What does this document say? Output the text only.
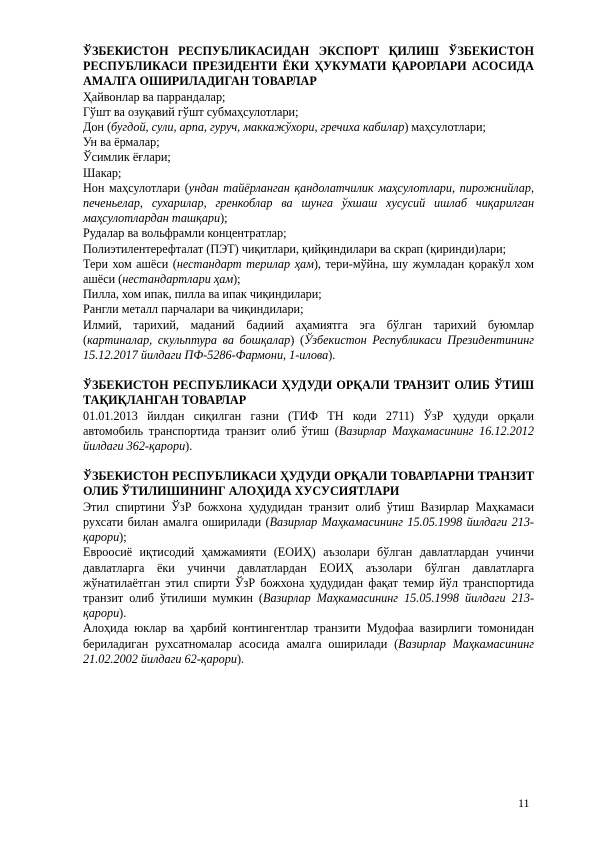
ЎЗБЕКИСТОН РЕСПУБЛИКАСИДАН ЭКСПОРТ ҚИЛИШ ЎЗБЕКИСТОН РЕСПУБЛИКАСИ ПРЕЗИДЕНТИ ЁКИ ҲУКУМАТИ ҚАРОРЛАРИ АСОСИДА АМАЛГА ОШИРИЛАДИГАН ТОВАРЛАР

Ҳайвонлар ва паррандалар;

Гўшт ва озуқавий гўшт субмаҳсулотлари;

Дон (бугдой, сули, арпа, гуруч, маккажўхори, гречиха кабилар) маҳсулотлари;

Ун ва ёрмалар;

Ўсимлик ёғлари;

Шакар;

Нон маҳсулотлари (ундан тайёрланган қандолатчилик маҳсулотлари, пирожнийлар, печеньелар, сухарилар, гренкоблар ва шунга ўхшаш хусусий ишлаб чиқарилган маҳсулотлардан ташқари);

Рудалар ва вольфрамли концентратлар;

Полиэтилентерефталат (ПЭТ) чиқитлари, қийқиндилари ва скрап (қиринди)лари;

Тери хом ашёси (нестандарт терилар ҳам), тери-мўйна, шу жумладан қоракўл хом ашёси (нестандартлари ҳам);

Пилла, хом ипак, пилла ва ипак чиқиндилари;

Рангли металл парчалари ва чиқиндилари;

Илмий, тарихий, маданий бадиий аҳамиятга эга бўлган тарихий буюмлар (картиналар, скульптура ва бошқалар) (Ўзбекистон Республикаси Президентининг 15.12.2017 йилдаги ПФ-5286-Фармони, 1-илова).

ЎЗБЕКИСТОН РЕСПУБЛИКАСИ ҲУДУДИ ОРҚАЛИ ТРАНЗИТ ОЛИБ ЎТИШ ТАҚИҚЛАНГАН ТОВАРЛАР

01.01.2013 йилдан сиқилган газни (ТИФ ТН коди 2711) ЎзР ҳудуди орқали автомобиль транспортида транзит олиб ўтиш (Вазирлар Маҳкамасининг 16.12.2012 йилдаги 362-қарори).

ЎЗБЕКИСТОН РЕСПУБЛИКАСИ ҲУДУДИ ОРҚАЛИ ТОВАРЛАРНИ ТРАНЗИТ ОЛИБ ЎТИЛИШИНИНГ АЛОҲИДА ХУСУСИЯТЛАРИ

Этил спиртини ЎзР божхона ҳудудидан транзит олиб ўтиш Вазирлар Маҳкамаси рухсати билан амалга оширилади (Вазирлар Маҳкамасининг 15.05.1998 йилдаги 213-қарори);

Евроосиё иқтисодий ҳамжамияти (ЕОИҲ) аъзолари бўлган давлатлардан учинчи давлатларга ёки учинчи давлатлардан ЕОИҲ аъзолари бўлган давлатларга жўнатилаётган этил спирти ЎзР божхона ҳудудидан фақат темир йўл транспортида транзит олиб ўтилиши мумкин (Вазирлар Маҳкамасининг 15.05.1998 йилдаги 213-қарори).

Алоҳида юклар ва ҳарбий контингентлар транзити Мудофаа вазирлиги томонидан бериладиган рухсатномалар асосида амалга оширилади (Вазирлар Маҳкамасининг 21.02.2002 йилдаги 62-қарори).

11
